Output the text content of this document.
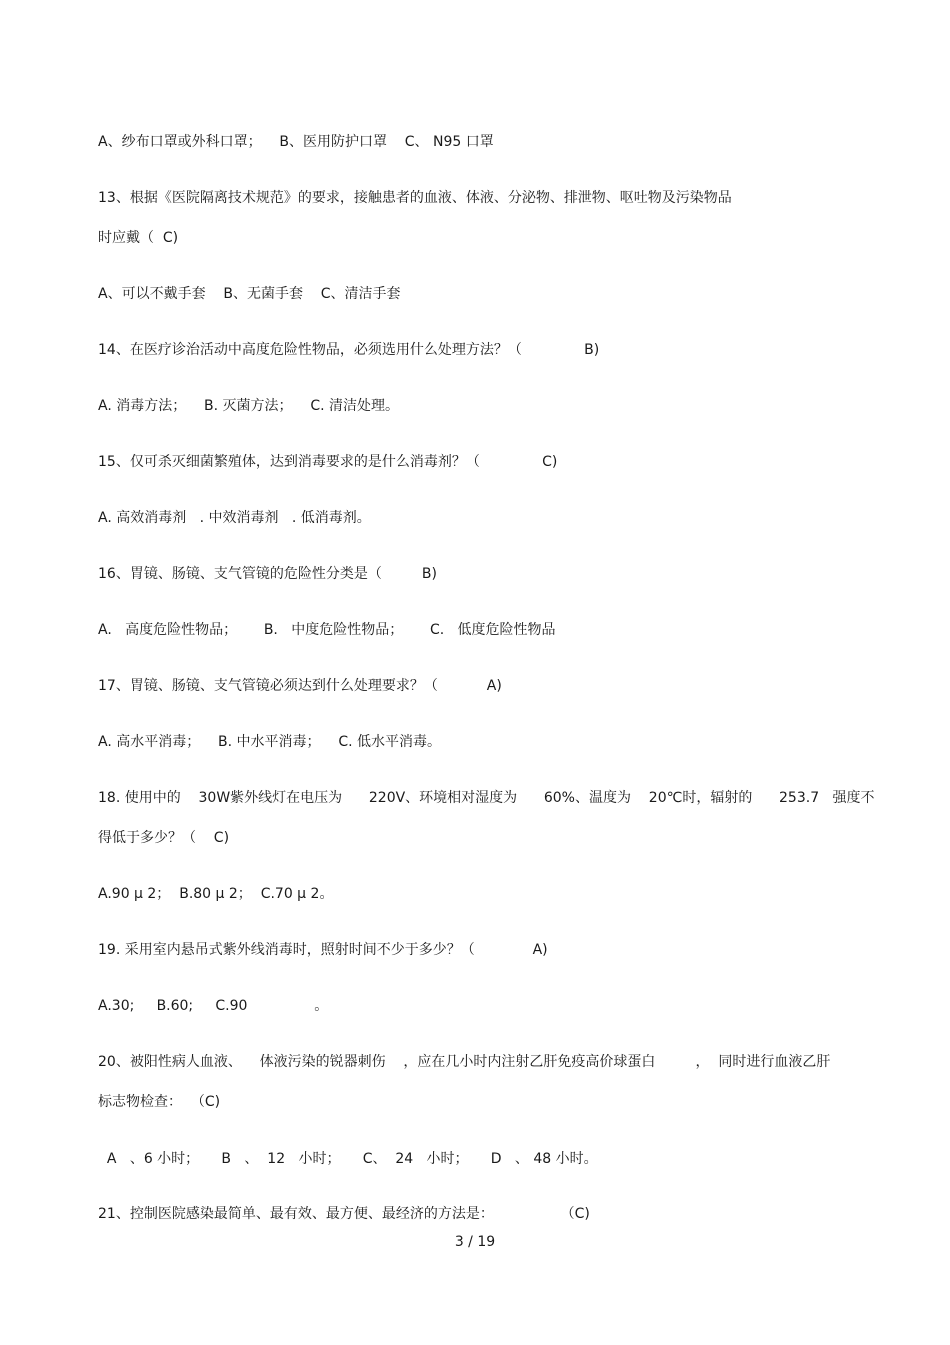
A、纱布口罩或外科口罩；    B、医用防护口罩    C、 N95 口罩
13、根据《医院隔离技术规范》的要求，接触患者的血液、体液、分泌物、排泄物、呕吐物及污染物品
时应戴（  C)
A、可以不戴手套    B、无菌手套    C、清洁手套
14、在医疗诊治活动中高度危险性物品，必须选用什么处理方法？（              B)
A. 消毒方法；    B. 灭菌方法；    C. 清洁处理。
15、仅可杀灭细菌繁殖体，达到消毒要求的是什么消毒剂？（              C)
A. 高效消毒剂   . 中效消毒剂   . 低消毒剂。
16、胃镜、肠镜、支气管镜的危险性分类是（         B)
A.   高度危险性物品；      B.   中度危险性物品；      C.   低度危险性物品
17、胃镜、肠镜、支气管镜必须达到什么处理要求？（           A)
A. 高水平消毒；    B. 中水平消毒；    C. 低水平消毒。
18. 使用中的    30W紫外线灯在电压为      220V、环境相对湿度为      60%、温度为    20℃时，辐射的      253.7   强度不
得低于多少？（    C)
A.90 μ 2；  B.80 μ 2；  C.70 μ 2。
19. 采用室内悬吊式紫外线消毒时，照射时间不少于多少？（             A)
A.30;     B.60;     C.90               。
20、被阳性病人血液、    体液污染的锐器刺伤    ，应在几小时内注射乙肝免疫高价球蛋白         ，  同时进行血液乙肝
标志物检查：  （C)
A   、6 小时；     B   、  12   小时；     C、  24   小时；     D   、 48 小时。
21、控制医院感染最简单、最有效、最方便、最经济的方法是：               （C)
3 / 19
